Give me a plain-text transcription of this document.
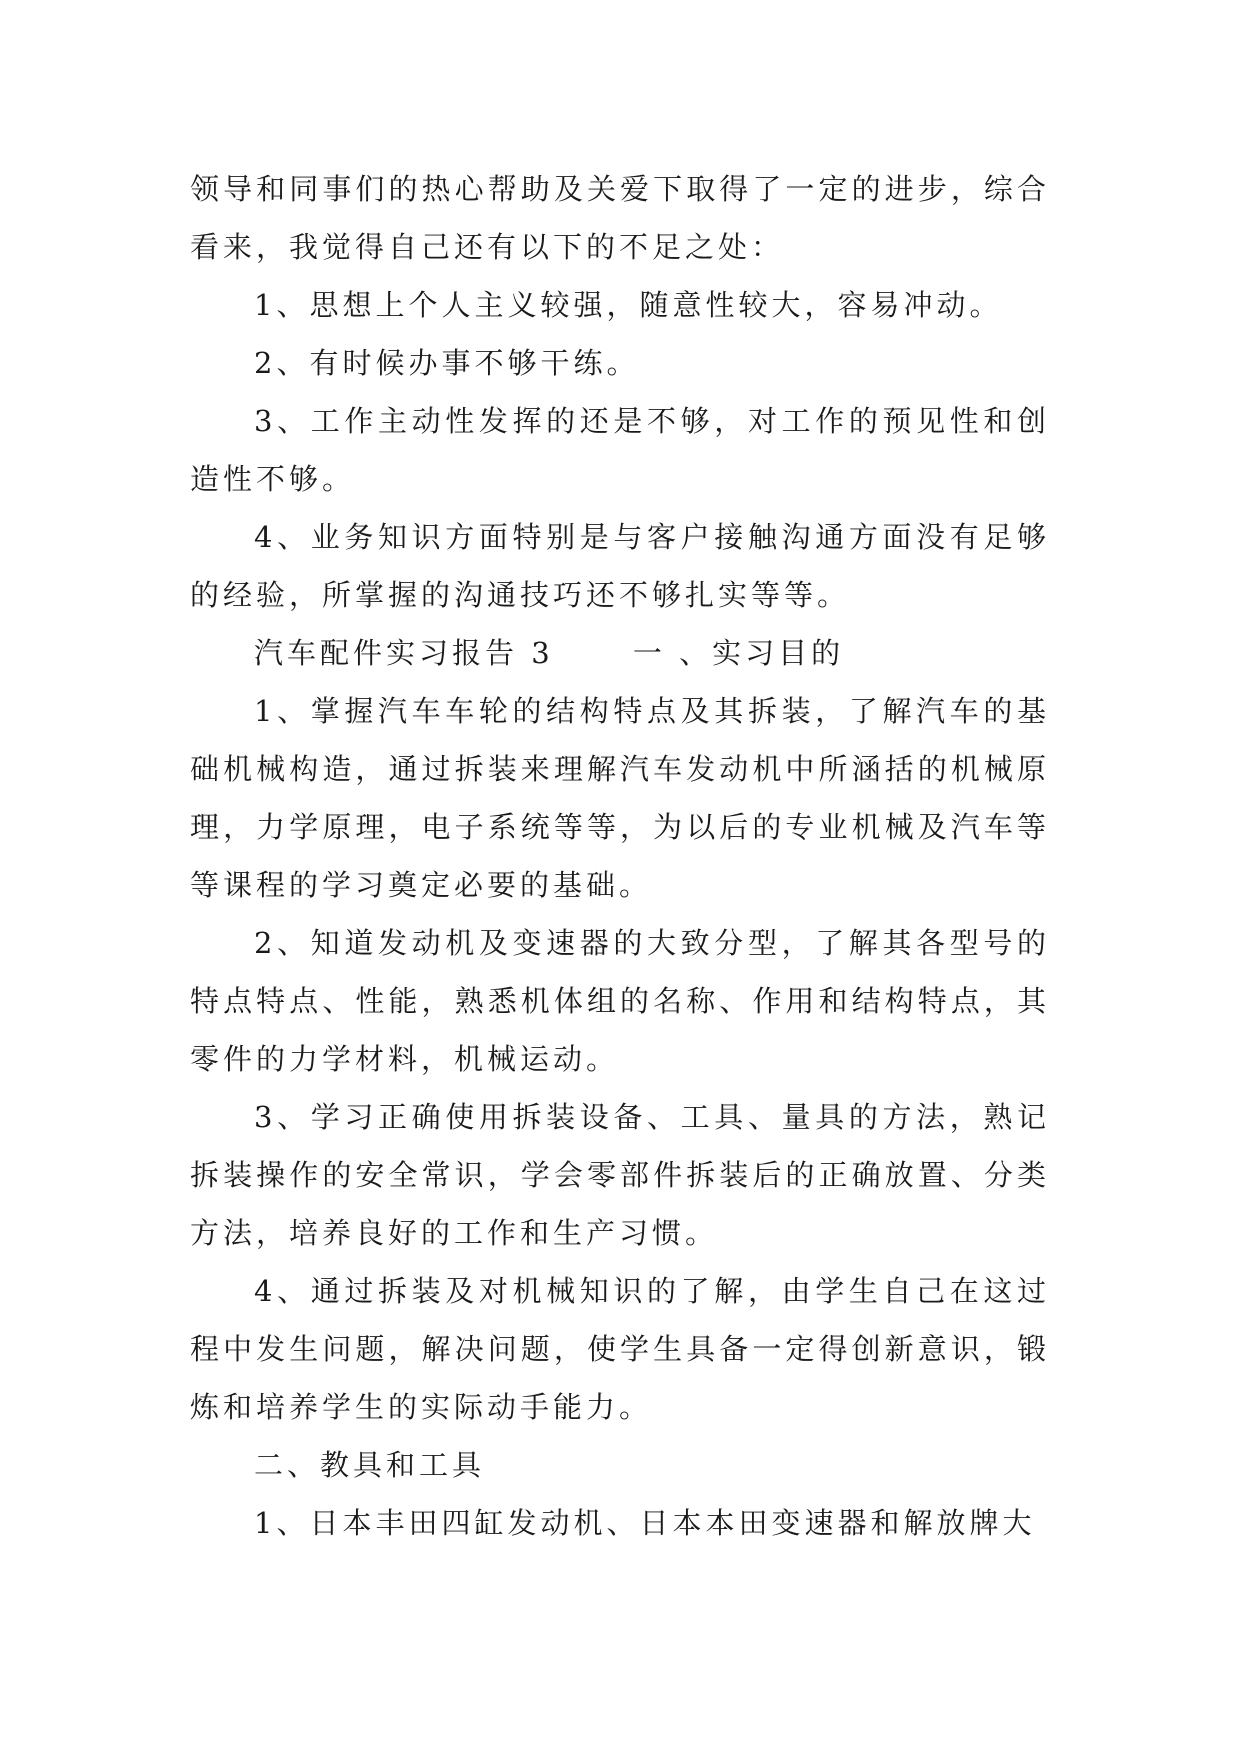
领导和同事们的热心帮助及关爱下取得了一定的进步，综合看来，我觉得自己还有以下的不足之处：

1、思想上个人主义较强，随意性较大，容易冲动。

2、有时候办事不够干练。

3、工作主动性发挥的还是不够，对工作的预见性和创造性不够。

4、业务知识方面特别是与客户接触沟通方面没有足够的经验，所掌握的沟通技巧还不够扎实等等。

汽车配件实习报告 3　　 一 、实习目的

1、掌握汽车车轮的结构特点及其拆装，了解汽车的基础机械构造，通过拆装来理解汽车发动机中所涵括的机械原理，力学原理，电子系统等等，为以后的专业机械及汽车等等课程的学习奠定必要的基础。

2、知道发动机及变速器的大致分型，了解其各型号的特点特点、性能，熟悉机体组的名称、作用和结构特点，其零件的力学材料，机械运动。

3、学习正确使用拆装设备、工具、量具的方法，熟记拆装操作的安全常识，学会零部件拆装后的正确放置、分类方法，培养良好的工作和生产习惯。

4、通过拆装及对机械知识的了解，由学生自己在这过程中发生问题，解决问题，使学生具备一定得创新意识，锻炼和培养学生的实际动手能力。

二、教具和工具

1、日本丰田四缸发动机、日本本田变速器和解放牌大
